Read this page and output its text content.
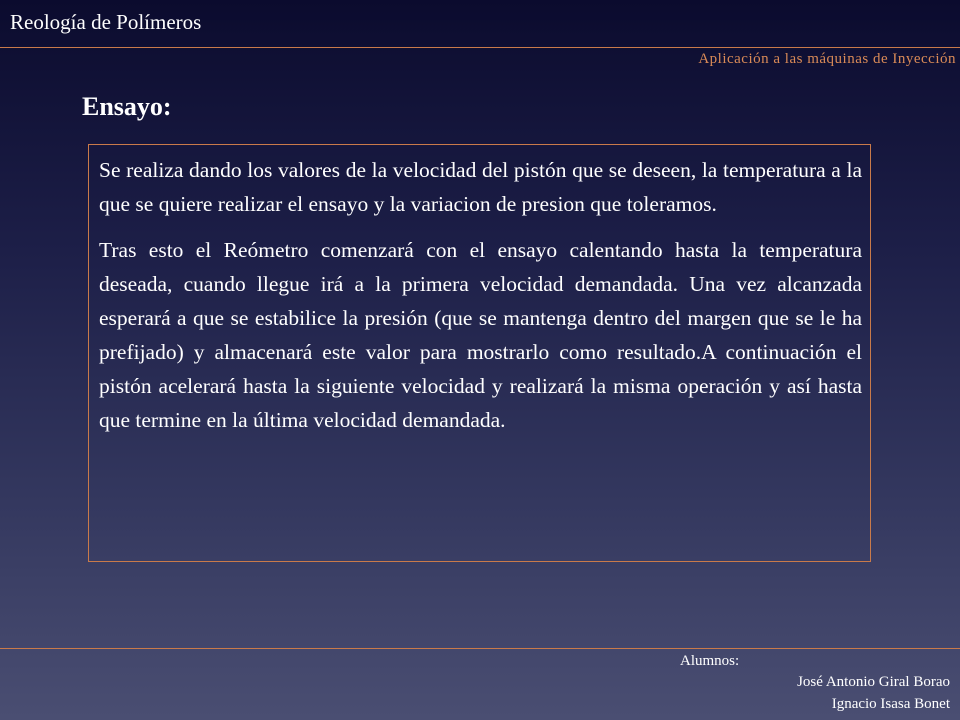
Reología de Polímeros
Aplicación a las máquinas de Inyección
Ensayo:

Se realiza dando los valores de la velocidad del pistón que se deseen, la temperatura a la que se quiere realizar el ensayo y la variacion de presion que toleramos.

Tras esto el Reómetro comenzará con el ensayo calentando hasta la temperatura deseada, cuando llegue irá a la primera velocidad demandada. Una vez alcanzada esperará a que se estabilice la presión (que se mantenga dentro del margen que se le ha prefijado) y almacenará este valor para mostrarlo como resultado.A continuación el pistón acelerará hasta la siguiente velocidad y realizará la misma operación y así hasta que termine en la última velocidad demandada.

Alumnos:
José Antonio Giral Borao
Ignacio Isasa Bonet
